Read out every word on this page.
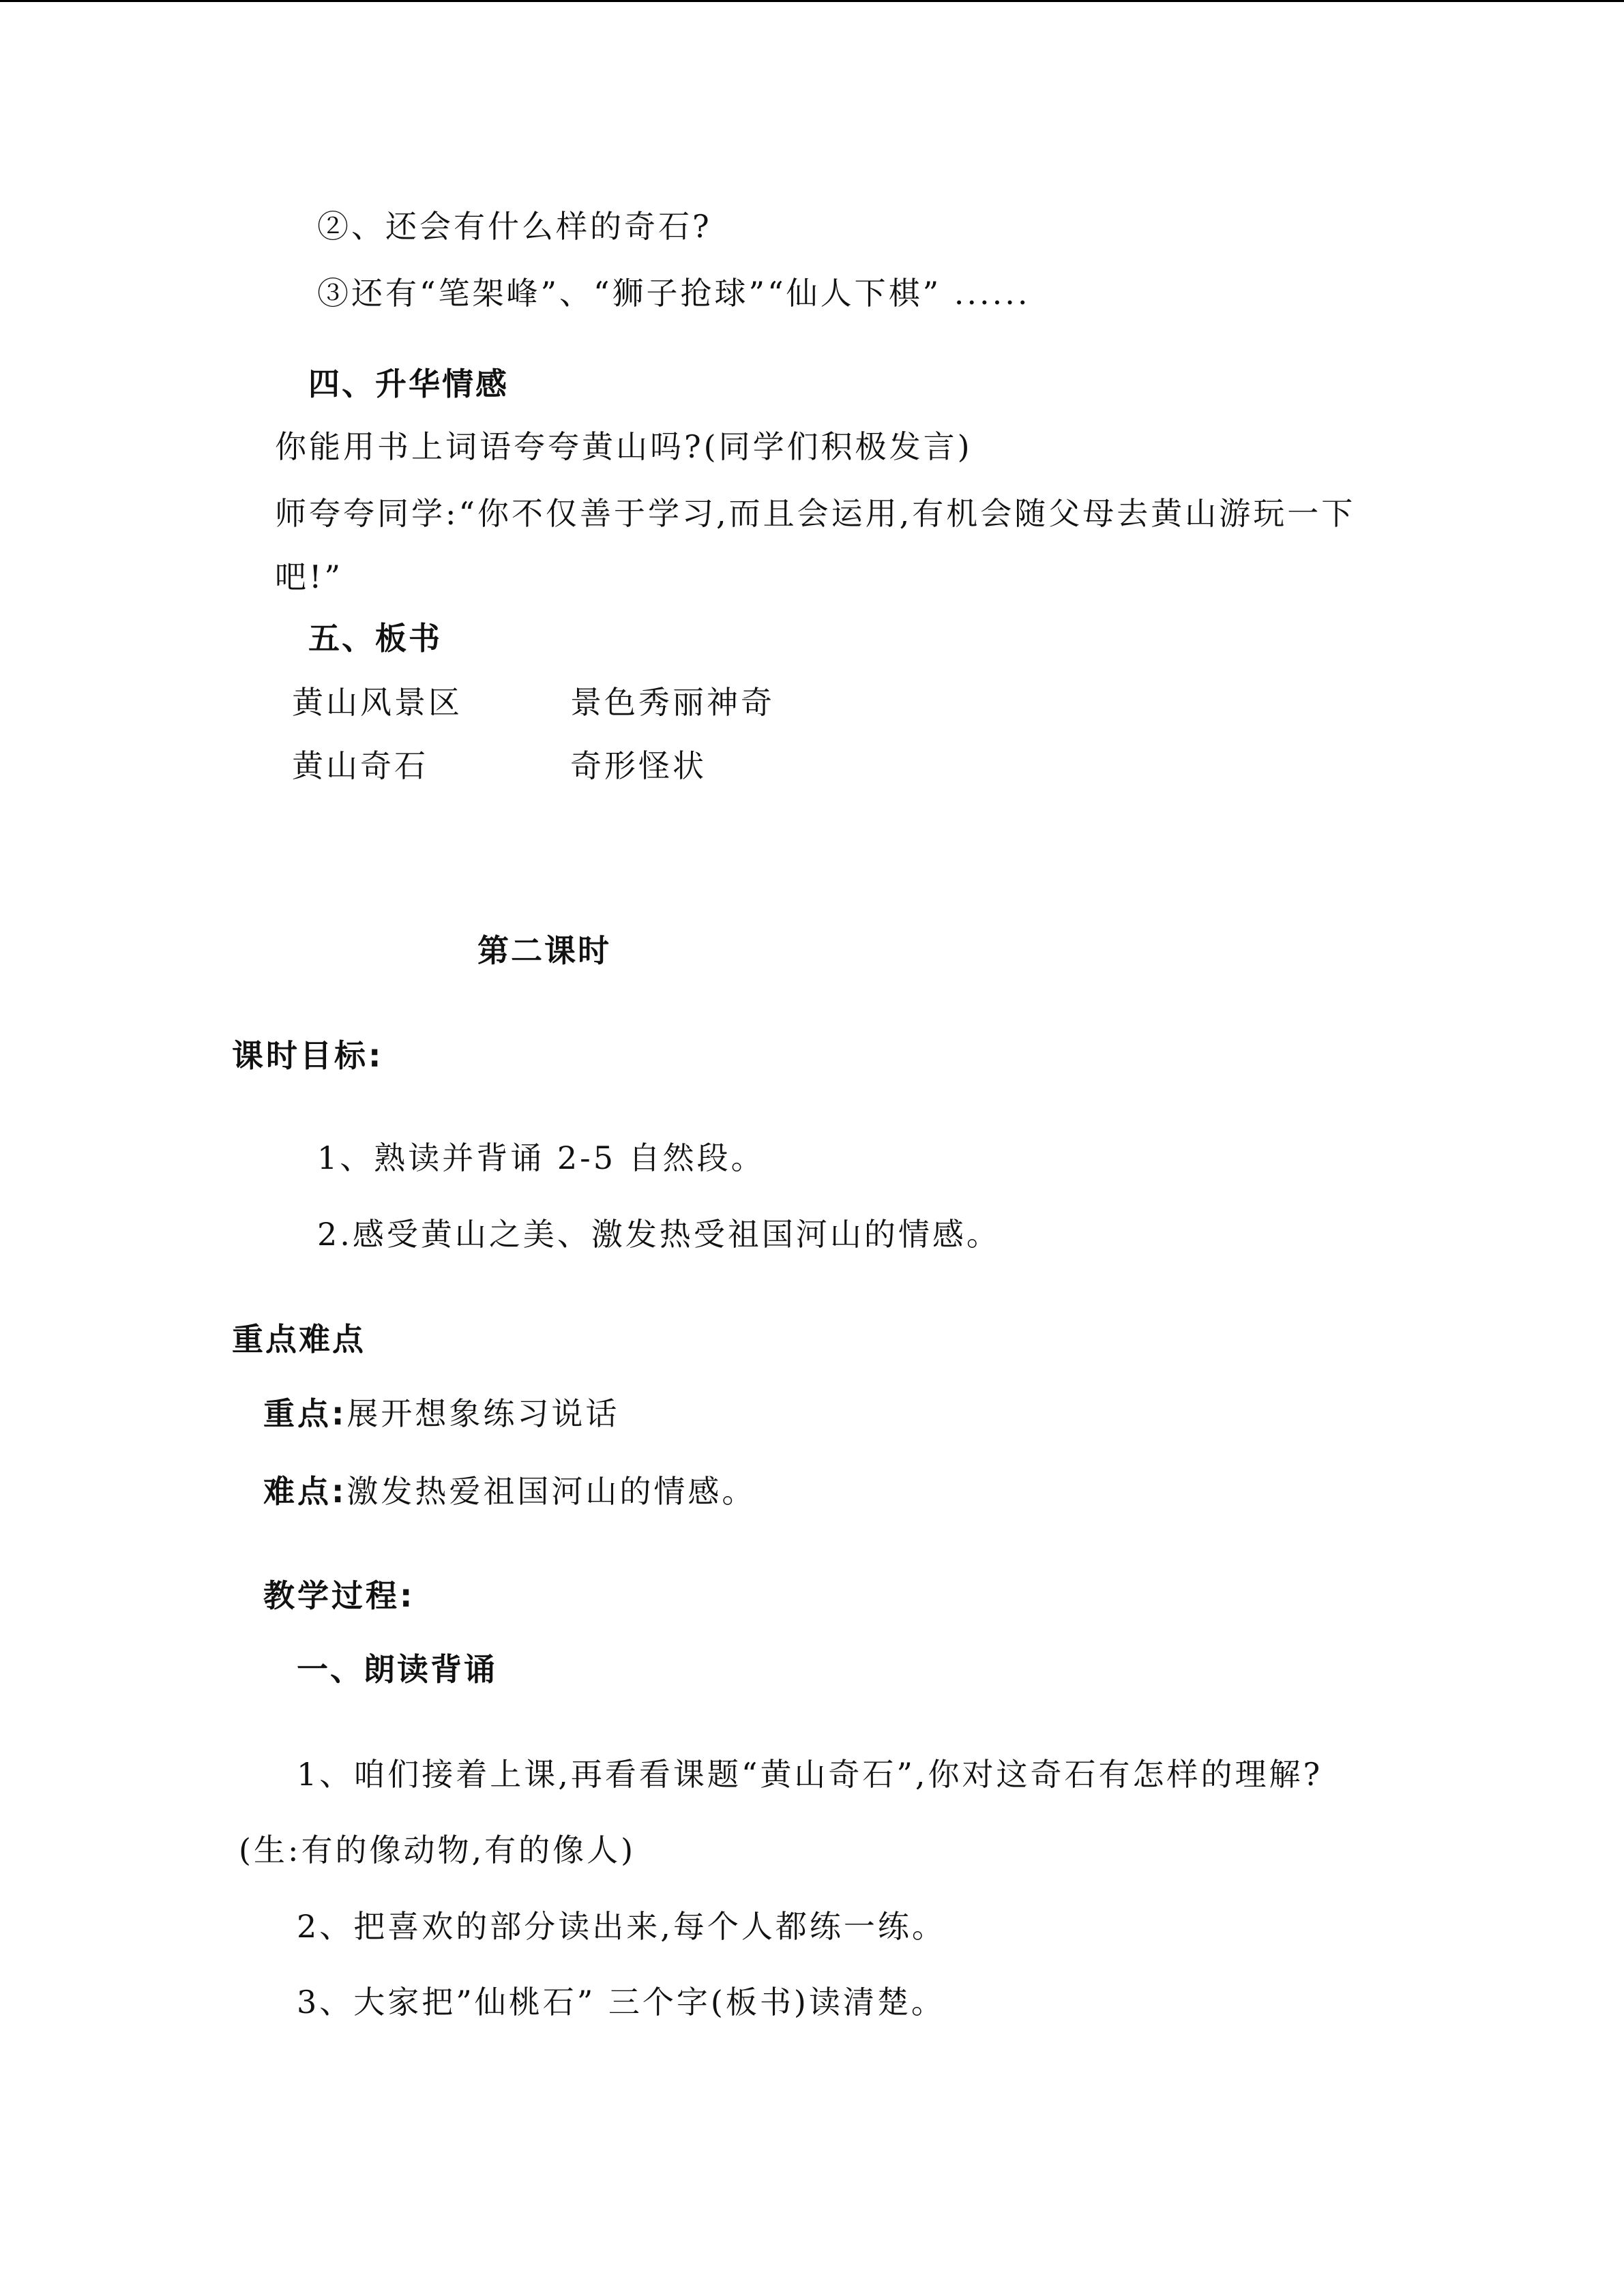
②、还会有什么样的奇石?
③还有“笔架峰”、“狮子抢球”“仙人下棋” ......
四、升华情感
你能用书上词语夸夸黄山吗?(同学们积极发言)
师夸夸同学:“你不仅善于学习,而且会运用,有机会随父母去黄山游玩一下
吧!”
五、板书
黄山风景区	景色秀丽神奇
黄山奇石	奇形怪状
第二课时
课时目标:
1、熟读并背诵 2-5 自然段。
2.感受黄山之美、激发热受祖国河山的情感。
重点难点
重点:展开想象练习说话
难点:激发热爱祖国河山的情感。
教学过程:
一、朗读背诵
1、咱们接着上课,再看看课题“黄山奇石”,你对这奇石有怎样的理解?
(生:有的像动物,有的像人)
2、把喜欢的部分读出来,每个人都练一练。
3、大家把”仙桃石” 三个字(板书)读清楚。
